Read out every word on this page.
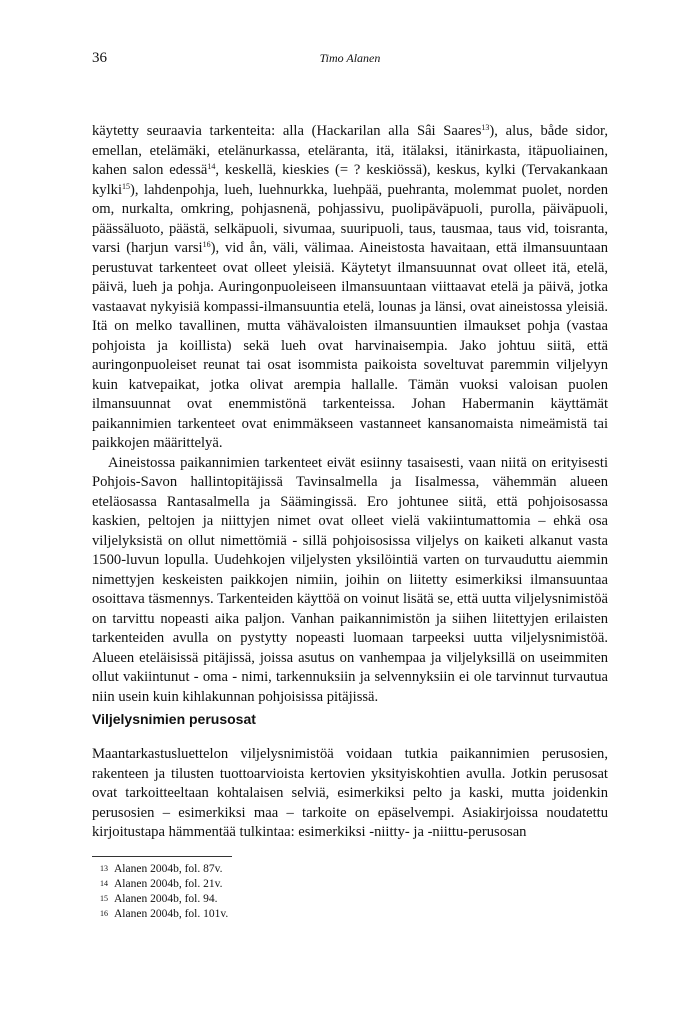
36	Timo Alanen

käytetty seuraavia tarkenteita: alla (Hackarilan alla Sâi Saares$^{13}$), alus, både sidor, emellan, etelämäki, etelänurkassa, eteläranta, itä, itälaksi, itänirkasta, itäpuoliainen, kahen salon edessä$^{14}$, keskellä, kieskies (= ? keskiössä), keskus, kylki (Tervakankaan kylki$^{15}$), lahdenpohja, lueh, luehnurkka, luehpää, puehranta, molemmat puolet, norden om, nurkalta, omkring, pohjasnenä, pohjassivu, puolipäväpuoli, purolla, päiväpuoli, päässäluoto, päästä, selkäpuoli, sivumaa, suuripuoli, taus, tausmaa, taus vid, toisranta, varsi (harjun varsi$^{16}$), vid ån, väli, välimaa. Aineistosta havaitaan, että ilmansuuntaan perustuvat tarkenteet ovat olleet yleisiä. Käytetyt ilmansuunnat ovat olleet itä, etelä, päivä, lueh ja pohja. Auringonpuoleiseen ilmansuuntaan viittaavat etelä ja päivä, jotka vastaavat nykyisiä kompassi-ilmansuuntia etelä, lounas ja länsi, ovat aineistossa yleisiä. Itä on melko tavallinen, mutta vähävaloisten ilmansuuntien ilmaukset pohja (vastaa pohjoista ja koillista) sekä lueh ovat harvinaisempia. Jako johtuu siitä, että auringonpuoleiset reunat tai osat isommista paikoista soveltuvat paremmin viljelyyn kuin katvepaikat, jotka olivat arempia hallalle. Tämän vuoksi valoisan puolen ilmansuunnat ovat enemmistönä tarkenteissa. Johan Habermanin käyttämät paikannimien tarkenteet ovat enimmäkseen vastanneet kansanomaista nimeämistä tai paikkojen määrittelyä.

Aineistossa paikannimien tarkenteet eivät esiinny tasaisesti, vaan niitä on erityisesti Pohjois-Savon hallintopitäjissä Tavinsalmella ja Iisalmessa, vähemmän alueen eteläosassa Rantasalmella ja Säämingissä. Ero johtunee siitä, että pohjoisosassa kaskien, peltojen ja niittyjen nimet ovat olleet vielä vakiintumattomia – ehkä osa viljelyksistä on ollut nimettömiä - sillä pohjoisosissa viljelys on kaiketi alkanut vasta 1500-luvun lopulla. Uudehkojen viljelysten yksilöintiä varten on turvauduttu aiemmin nimettyjen keskeisten paikkojen nimiin, joihin on liitetty esimerkiksi ilmansuuntaa osoittava täsmennys. Tarkenteiden käyttöä on voinut lisätä se, että uutta viljelysnimistöä on tarvittu nopeasti aika paljon. Vanhan paikannimistön ja siihen liitettyjen erilaisten tarkenteiden avulla on pystytty nopeasti luomaan tarpeeksi uutta viljelysnimistöä. Alueen eteläisissä pitäjissä, joissa asutus on vanhempaa ja viljelyksillä on useimmiten ollut vakiintunut - oma - nimi, tarkennuksiin ja selvennyksiin ei ole tarvinnut turvautua niin usein kuin kihlakunnan pohjoisissa pitäjissä.

Viljelysnimien perusosat

Maantarkastusluettelon viljelysnimistöä voidaan tutkia paikannimien perusosien, rakenteen ja tilusten tuottoarvioista kertovien yksityiskohtien avulla. Jotkin perusosat ovat tarkoitteeltaan kohtalaisen selviä, esimerkiksi pelto ja kaski, mutta joidenkin perusosien – esimerkiksi maa – tarkoite on epäselvempi. Asiakirjoissa noudatettu kirjoitustapa hämmentää tulkintaa: esimerkiksi -niitty- ja -niittu-perusosan

13 Alanen 2004b, fol. 87v.
14 Alanen 2004b, fol. 21v.
15 Alanen 2004b, fol. 94.
16 Alanen 2004b, fol. 101v.
